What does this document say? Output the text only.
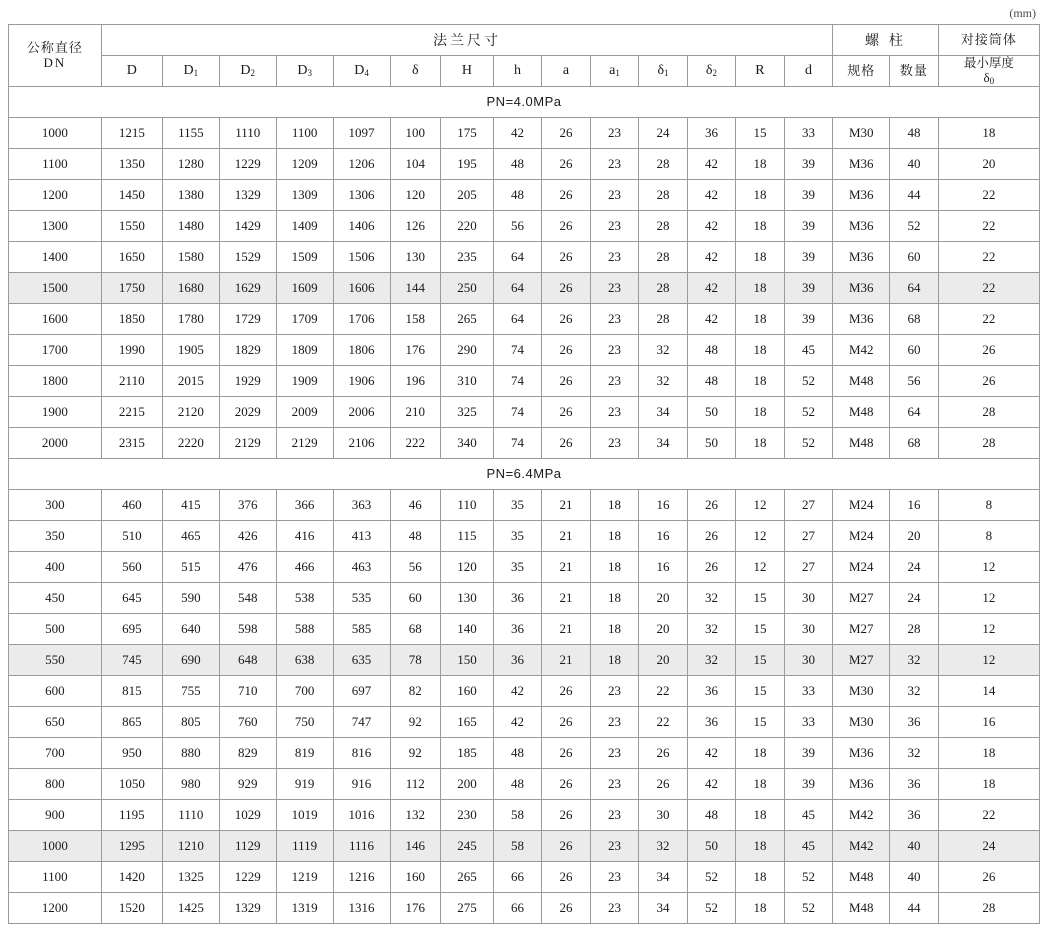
(mm)
公称直径
DN	法兰尺寸														螺 柱		对接筒体
	D	$D_1$	$D_2$	$D_3$	$D_4$	δ	H	h	a	$a_1$	$\delta_1$	$\delta_2$	R	d	规格	数量	最小厚度
$\delta_0$

PN=4.0MPa																	
1000	1215	1155	1110	1100	1097	100	175	42	26	23	24	36	15	33	M30	48	18
1100	1350	1280	1229	1209	1206	104	195	48	26	23	28	42	18	39	M36	40	20
1200	1450	1380	1329	1309	1306	120	205	48	26	23	28	42	18	39	M36	44	22
1300	1550	1480	1429	1409	1406	126	220	56	26	23	28	42	18	39	M36	52	22
1400	1650	1580	1529	1509	1506	130	235	64	26	23	28	42	18	39	M36	60	22
1500	1750	1680	1629	1609	1606	144	250	64	26	23	28	42	18	39	M36	64	22
1600	1850	1780	1729	1709	1706	158	265	64	26	23	28	42	18	39	M36	68	22
1700	1990	1905	1829	1809	1806	176	290	74	26	23	32	48	18	45	M42	60	26
1800	2110	2015	1929	1909	1906	196	310	74	26	23	32	48	18	52	M48	56	26
1900	2215	2120	2029	2009	2006	210	325	74	26	23	34	50	18	52	M48	64	28
2000	2315	2220	2129	2129	2106	222	340	74	26	23	34	50	18	52	M48	68	28
PN=6.4MPa																	
300	460	415	376	366	363	46	110	35	21	18	16	26	12	27	M24	16	8
350	510	465	426	416	413	48	115	35	21	18	16	26	12	27	M24	20	8
400	560	515	476	466	463	56	120	35	21	18	16	26	12	27	M24	24	12
450	645	590	548	538	535	60	130	36	21	18	20	32	15	30	M27	24	12
500	695	640	598	588	585	68	140	36	21	18	20	32	15	30	M27	28	12
550	745	690	648	638	635	78	150	36	21	18	20	32	15	30	M27	32	12
600	815	755	710	700	697	82	160	42	26	23	22	36	15	33	M30	32	14
650	865	805	760	750	747	92	165	42	26	23	22	36	15	33	M30	36	16
700	950	880	829	819	816	92	185	48	26	23	26	42	18	39	M36	32	18
800	1050	980	929	919	916	112	200	48	26	23	26	42	18	39	M36	36	18
900	1195	1110	1029	1019	1016	132	230	58	26	23	30	48	18	45	M42	36	22
1000	1295	1210	1129	1119	1116	146	245	58	26	23	32	50	18	45	M42	40	24
1100	1420	1325	1229	1219	1216	160	265	66	26	23	34	52	18	52	M48	40	26
1200	1520	1425	1329	1319	1316	176	275	66	26	23	34	52	18	52	M48	44	28
